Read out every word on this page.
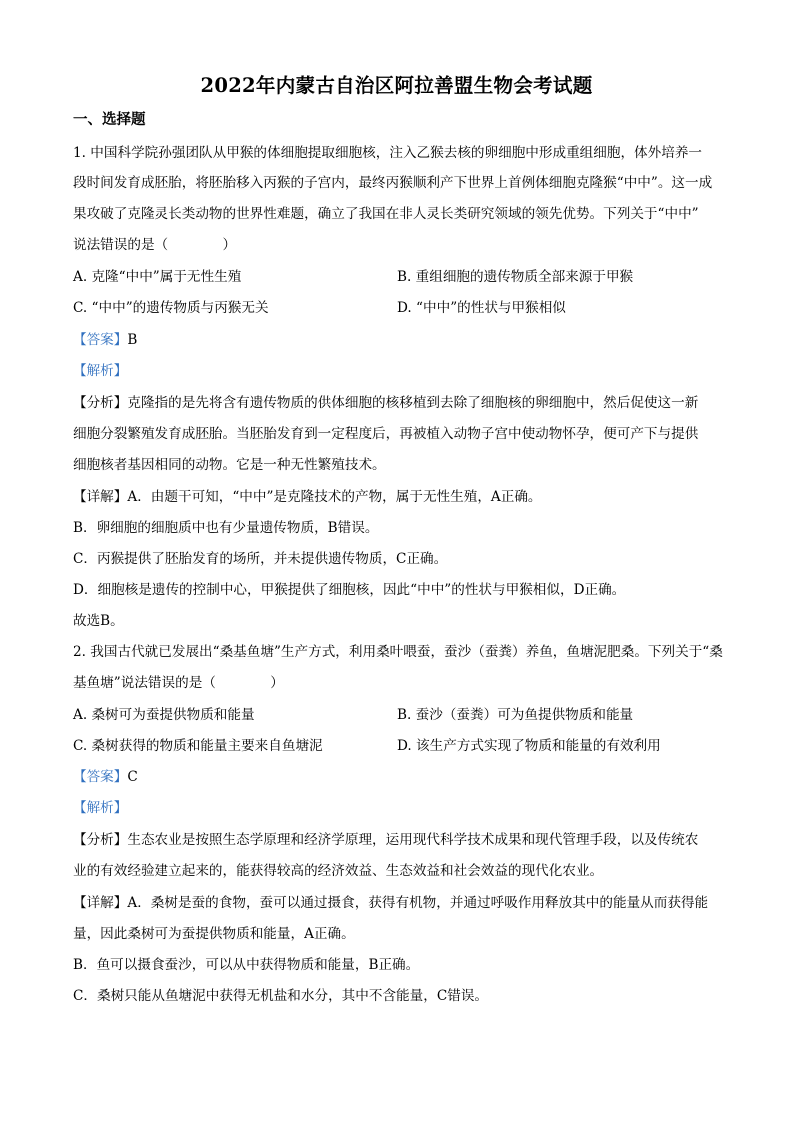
2022年内蒙古自治区阿拉善盟生物会考试题
一、选择题
1. 中国科学院孙强团队从甲猴的体细胞提取细胞核，注入乙猴去核的卵细胞中形成重组细胞，体外培养一
段时间发育成胚胎，将胚胎移入丙猴的子宫内，最终丙猴顺利产下世界上首例体细胞克隆猴“中中”。这一成
果攻破了克隆灵长类动物的世界性难题，确立了我国在非人灵长类研究领域的领先优势。下列关于“中中”
说法错误的是（　　　　）
A. 克隆“中中”属于无性生殖	B. 重组细胞的遗传物质全部来源于甲猴
C. “中中”的遗传物质与丙猴无关	D. “中中”的性状与甲猴相似
【答案】B
【解析】
【分析】克隆指的是先将含有遗传物质的供体细胞的核移植到去除了细胞核的卵细胞中，然后促使这一新
细胞分裂繁殖发育成胚胎。当胚胎发育到一定程度后，再被植入动物子宫中使动物怀孕，便可产下与提供
细胞核者基因相同的动物。它是一种无性繁殖技术。
【详解】A．由题干可知，“中中”是克隆技术的产物，属于无性生殖，A正确。
B．卵细胞的细胞质中也有少量遗传物质，B错误。
C．丙猴提供了胚胎发育的场所，并未提供遗传物质，C正确。
D．细胞核是遗传的控制中心，甲猴提供了细胞核，因此“中中”的性状与甲猴相似，D正确。
故选B。
2. 我国古代就已发展出“桑基鱼塘”生产方式，利用桑叶喂蚕，蚕沙（蚕粪）养鱼，鱼塘泥肥桑。下列关于“桑
基鱼塘”说法错误的是（　　　　）
A. 桑树可为蚕提供物质和能量	B. 蚕沙（蚕粪）可为鱼提供物质和能量
C. 桑树获得的物质和能量主要来自鱼塘泥	D. 该生产方式实现了物质和能量的有效利用
【答案】C
【解析】
【分析】生态农业是按照生态学原理和经济学原理，运用现代科学技术成果和现代管理手段，以及传统农
业的有效经验建立起来的，能获得较高的经济效益、生态效益和社会效益的现代化农业。
【详解】A．桑树是蚕的食物，蚕可以通过摄食，获得有机物，并通过呼吸作用释放其中的能量从而获得能
量，因此桑树可为蚕提供物质和能量，A正确。
B．鱼可以摄食蚕沙，可以从中获得物质和能量，B正确。
C．桑树只能从鱼塘泥中获得无机盐和水分，其中不含能量，C错误。
